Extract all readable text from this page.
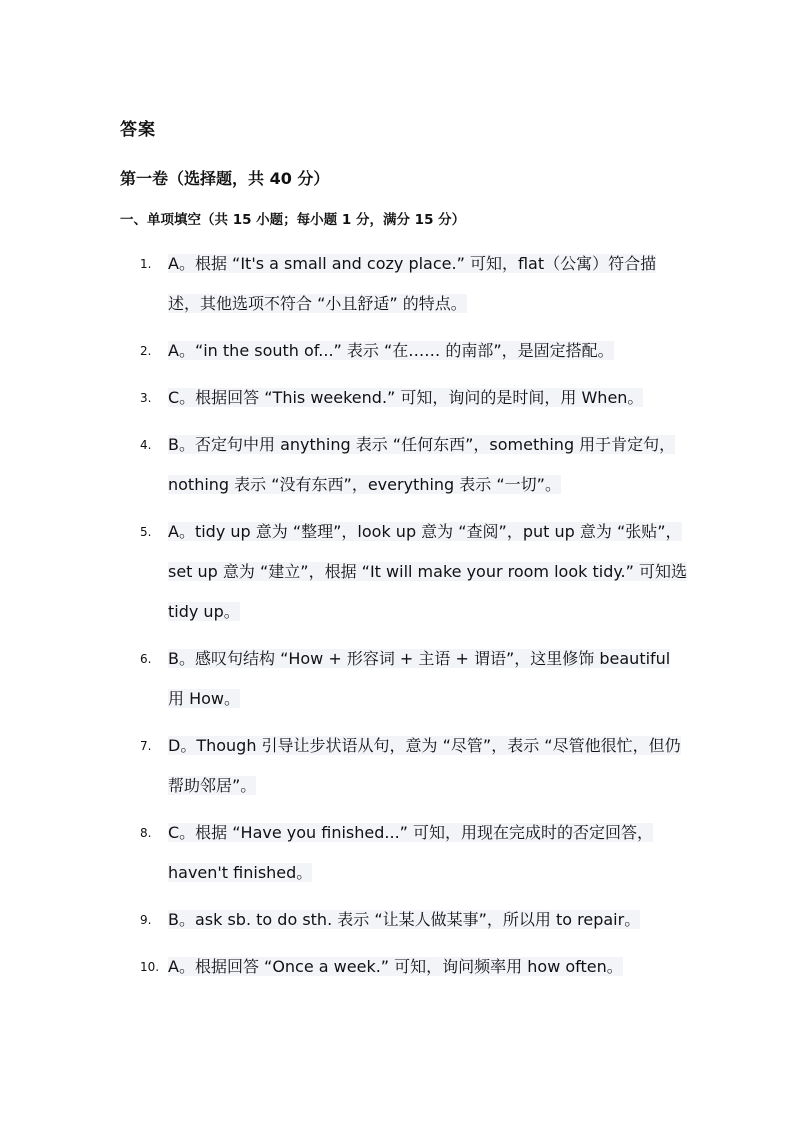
答案
第一卷（选择题，共 40 分）
一、单项填空（共 15 小题；每小题 1 分，满分 15 分）
1.	A。根据 “It's a small and cozy place.” 可知，flat（公寓）符合描述，其他选项不符合 “小且舒适” 的特点。
2.	A。“in the south of...” 表示 “在…… 的南部”，是固定搭配。
3.	C。根据回答 “This weekend.” 可知，询问的是时间，用 When。
4.	B。否定句中用 anything 表示 “任何东西”，something 用于肯定句，nothing 表示 “没有东西”，everything 表示 “一切”。
5.	A。tidy up 意为 “整理”，look up 意为 “查阅”，put up 意为 “张贴”，set up 意为 “建立”，根据 “It will make your room look tidy.” 可知选 tidy up。
6.	B。感叹句结构 “How + 形容词 + 主语 + 谓语”，这里修饰 beautiful 用 How。
7.	D。Though 引导让步状语从句，意为 “尽管”，表示 “尽管他很忙，但仍帮助邻居”。
8.	C。根据 “Have you finished...” 可知，用现在完成时的否定回答，haven't finished。
9.	B。ask sb. to do sth. 表示 “让某人做某事”，所以用 to repair。
10. A。根据回答 “Once a week.” 可知，询问频率用 how often。
